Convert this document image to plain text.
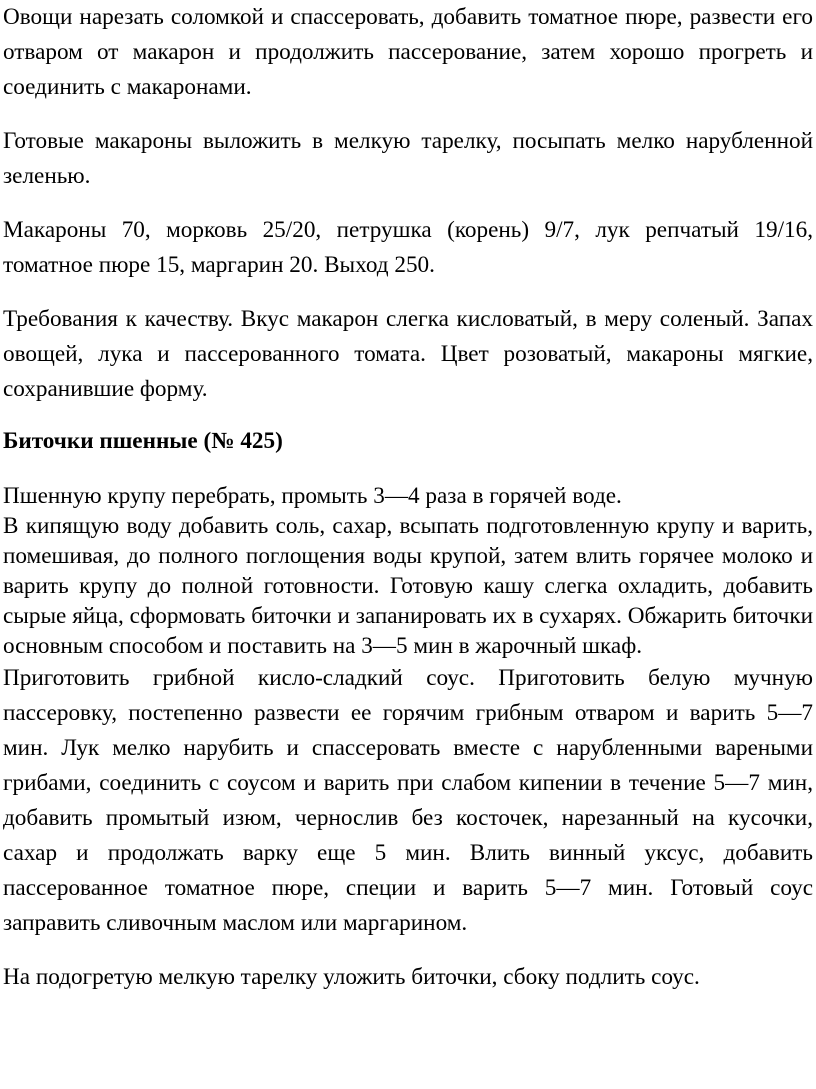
Овощи нарезать соломкой и спассеровать, добавить томатное пюре, развести его отваром от макарон и продолжить пассерование, затем хорошо прогреть и соединить с макаронами.

Готовые макароны выложить в мелкую тарелку, посыпать мелко нарубленной зеленью.

Макароны 70, морковь 25/20, петрушка (корень) 9/7, лук репчатый 19/16, томатное пюре 15, маргарин 20. Выход 250.

Требования к качеству. Вкус макарон слегка кисловатый, в меру соленый. Запах овощей, лука и пассерованного томата. Цвет розоватый, макароны мягкие, сохранившие форму.

Биточки пшенные (№ 425)

Пшенную крупу перебрать, промыть 3—4 раза в горячей воде.

В кипящую воду добавить соль, сахар, всыпать подготовленную крупу и варить, помешивая, до полного поглощения воды крупой, затем влить горячее молоко и варить крупу до полной готовности. Готовую кашу слегка охладить, добавить сырые яйца, сформовать биточки и запанировать их в сухарях. Обжарить биточки основным способом и поставить на 3—5 мин в жарочный шкаф.

Приготовить грибной кисло-сладкий соус. Приготовить белую мучную пассеровку, постепенно развести ее горячим грибным отваром и варить 5—7 мин. Лук мелко нарубить и спассеровать вместе с нарубленными вареными грибами, соединить с соусом и варить при слабом кипении в течение 5—7 мин, добавить промытый изюм, чернослив без косточек, нарезанный на кусочки, сахар и продолжать варку еще 5 мин. Влить винный уксус, добавить пассерованное томатное пюре, специи и варить 5—7 мин. Готовый соус заправить сливочным маслом или маргарином.

На подогретую мелкую тарелку уложить биточки, сбоку подлить соус.
